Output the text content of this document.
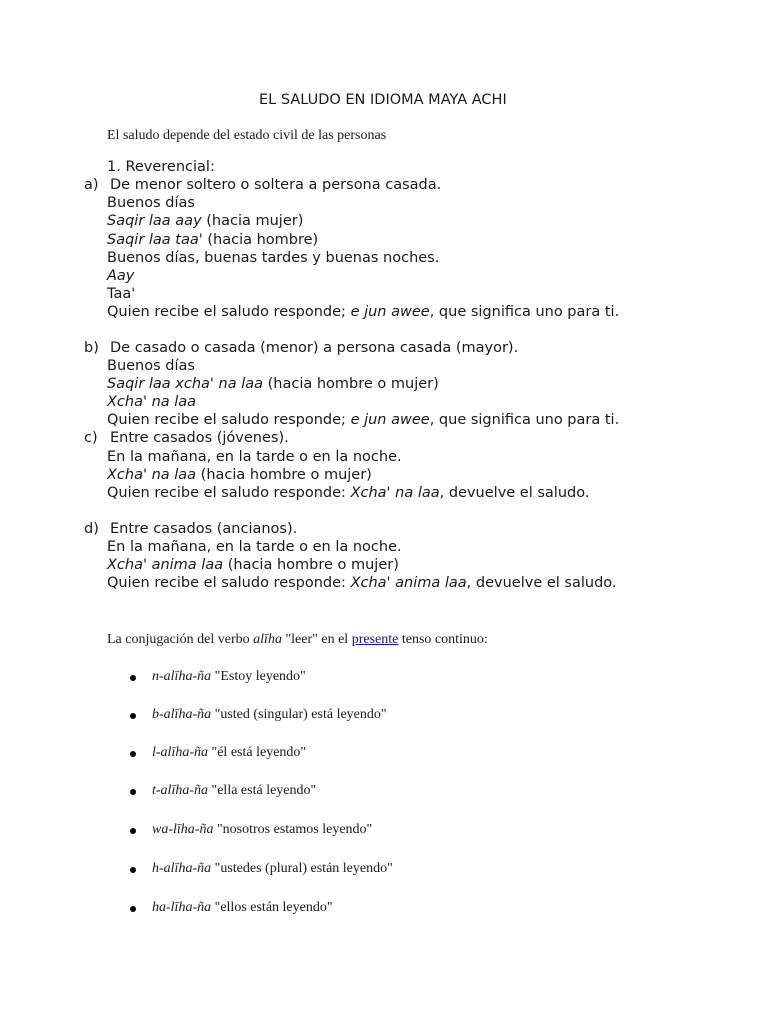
EL SALUDO EN IDIOMA MAYA ACHI
El saludo depende del estado civil de las personas
1. Reverencial:
a) De menor soltero o soltera a persona casada.
Buenos días
Saqir laa aay (hacia mujer)
Saqir laa taa' (hacia hombre)
Buenos días, buenas tardes y buenas noches.
Aay
Taa'
Quien recibe el saludo responde; e jun awee, que significa uno para ti.
b) De casado o casada (menor) a persona casada (mayor).
Buenos días
Saqir laa xcha' na laa (hacia hombre o mujer)
Xcha' na laa
Quien recibe el saludo responde; e jun awee, que significa uno para ti.
c) Entre casados (jóvenes).
En la mañana, en la tarde o en la noche.
Xcha' na laa (hacia hombre o mujer)
Quien recibe el saludo responde: Xcha' na laa, devuelve el saludo.
d) Entre casados (ancianos).
En la mañana, en la tarde o en la noche.
Xcha' anima laa (hacia hombre o mujer)
Quien recibe el saludo responde: Xcha' anima laa, devuelve el saludo.
La conjugación del verbo alīha "leer" en el presente tenso continuo:
n-alīha-ña "Estoy leyendo"
b-alīha-ña "usted (singular) está leyendo"
l-alīha-ña "él está leyendo"
t-alīha-ña "ella está leyendo"
wa-līha-ña "nosotros estamos leyendo"
h-alīha-ña "ustedes (plural) están leyendo"
ha-līha-ña "ellos están leyendo"
